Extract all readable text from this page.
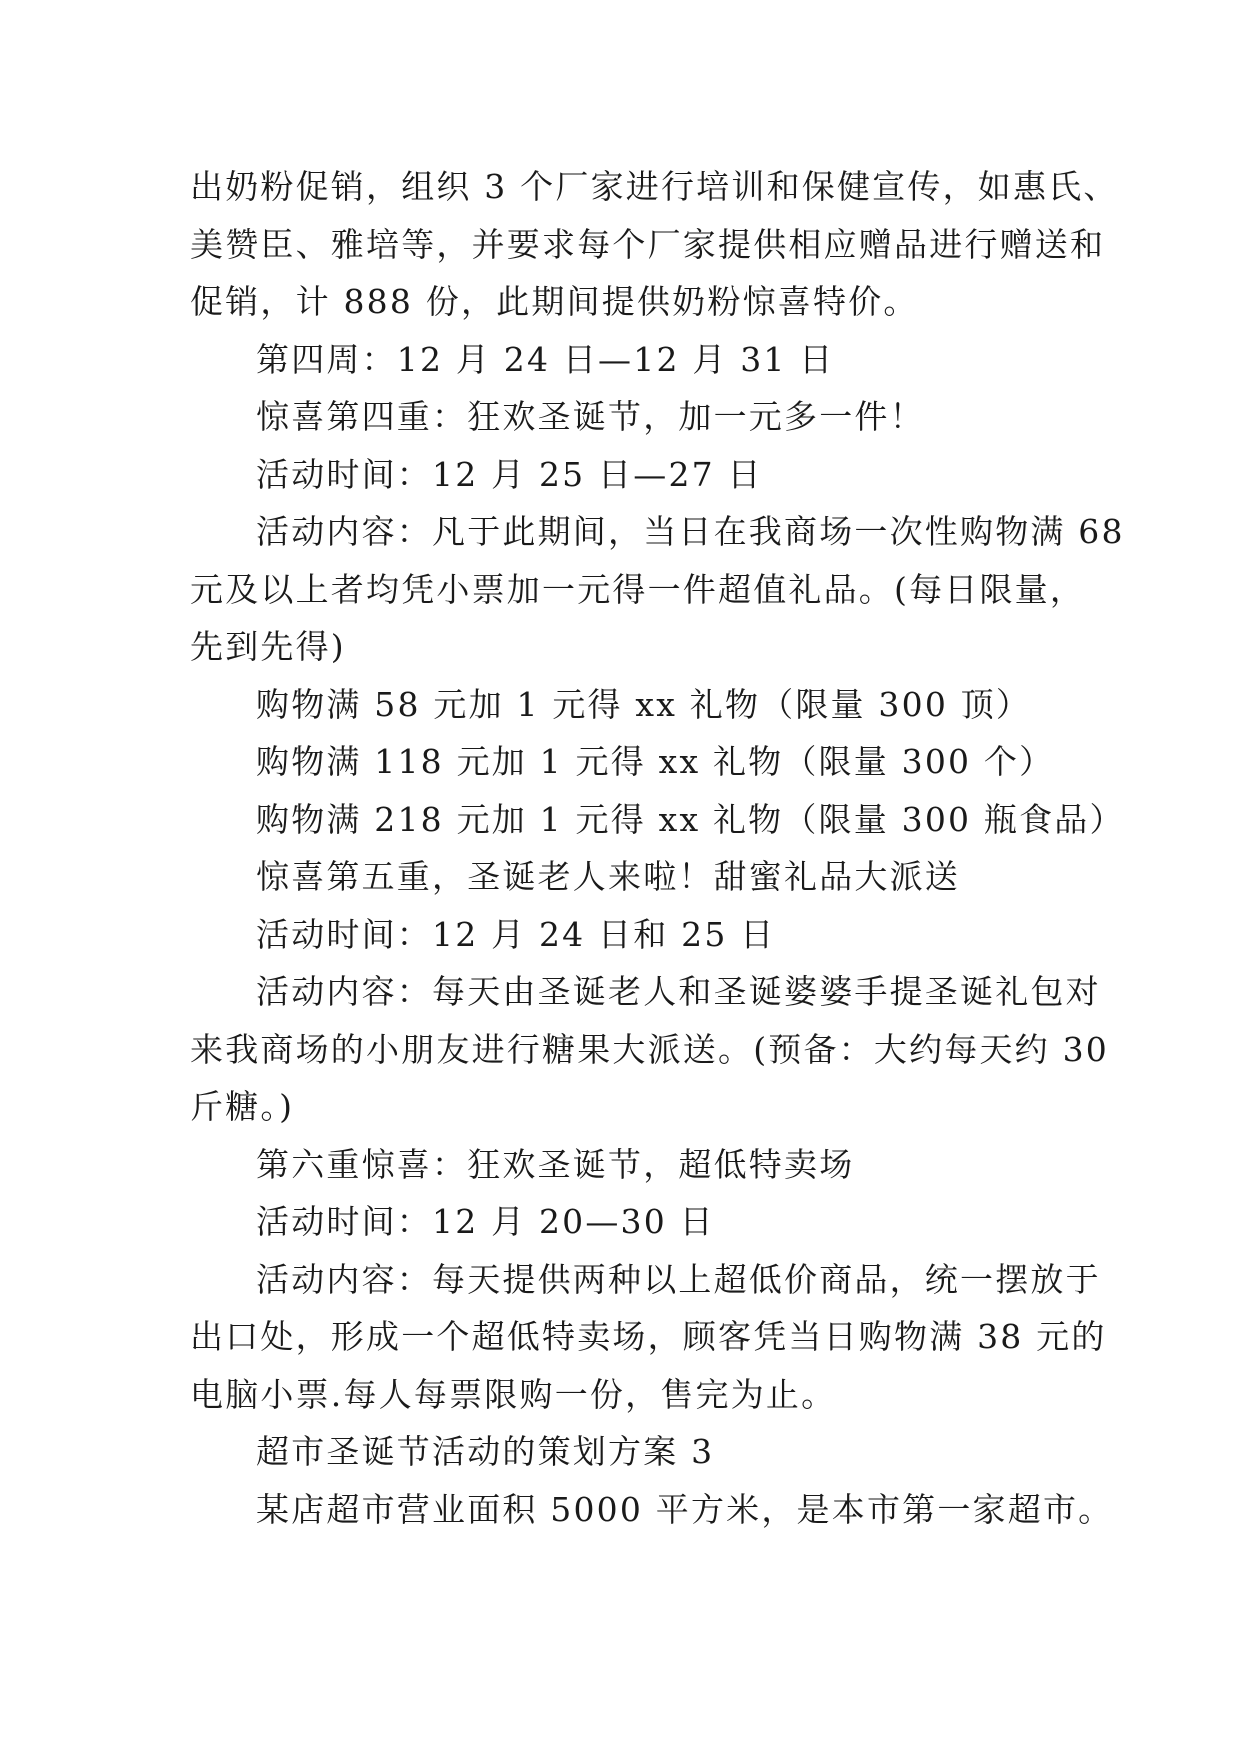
出奶粉促销，组织 3 个厂家进行培训和保健宣传，如惠氏、
美赞臣、雅培等，并要求每个厂家提供相应赠品进行赠送和
促销，计 888 份，此期间提供奶粉惊喜特价。
第四周：12 月 24 日—12 月 31 日
惊喜第四重：狂欢圣诞节，加一元多一件！
活动时间：12 月 25 日—27 日
活动内容：凡于此期间，当日在我商场一次性购物满 68
元及以上者均凭小票加一元得一件超值礼品。(每日限量，
先到先得)
购物满 58 元加 1 元得 xx 礼物（限量 300 顶）
购物满 118 元加 1 元得 xx 礼物（限量 300 个）
购物满 218 元加 1 元得 xx 礼物（限量 300 瓶食品）
惊喜第五重，圣诞老人来啦！甜蜜礼品大派送
活动时间：12 月 24 日和 25 日
活动内容：每天由圣诞老人和圣诞婆婆手提圣诞礼包对
来我商场的小朋友进行糖果大派送。(预备：大约每天约 30
斤糖。)
第六重惊喜：狂欢圣诞节，超低特卖场
活动时间：12 月 20—30 日
活动内容：每天提供两种以上超低价商品，统一摆放于
出口处，形成一个超低特卖场，顾客凭当日购物满 38 元的
电脑小票.每人每票限购一份，售完为止。
超市圣诞节活动的策划方案 3
某店超市营业面积 5000 平方米，是本市第一家超市。
